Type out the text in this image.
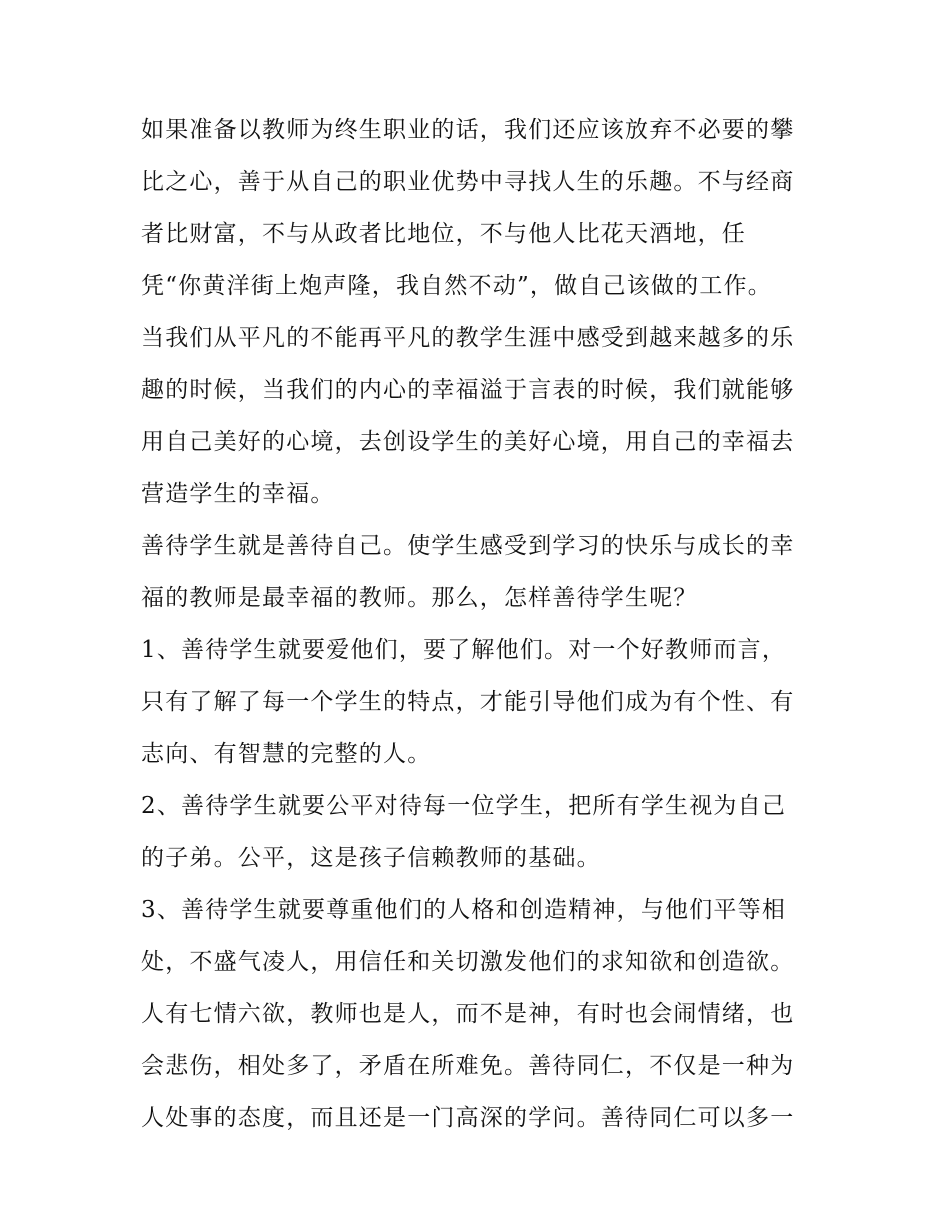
如果准备以教师为终生职业的话，我们还应该放弃不必要的攀
比之心，善于从自己的职业优势中寻找人生的乐趣。不与经商
者比财富，不与从政者比地位，不与他人比花天酒地，任
凭“你黄洋街上炮声隆，我自然不动”，做自己该做的工作。
当我们从平凡的不能再平凡的教学生涯中感受到越来越多的乐
趣的时候，当我们的内心的幸福溢于言表的时候，我们就能够
用自己美好的心境，去创设学生的美好心境，用自己的幸福去
营造学生的幸福。
善待学生就是善待自己。使学生感受到学习的快乐与成长的幸
福的教师是最幸福的教师。那么，怎样善待学生呢？
1、善待学生就要爱他们，要了解他们。对一个好教师而言，
只有了解了每一个学生的特点，才能引导他们成为有个性、有
志向、有智慧的完整的人。
2、善待学生就要公平对待每一位学生，把所有学生视为自己
的子弟。公平，这是孩子信赖教师的基础。
3、善待学生就要尊重他们的人格和创造精神，与他们平等相
处，不盛气凌人，用信任和关切激发他们的求知欲和创造欲。
人有七情六欲，教师也是人，而不是神，有时也会闹情绪，也
会悲伤，相处多了，矛盾在所难免。善待同仁，不仅是一种为
人处事的态度，而且还是一门高深的学问。善待同仁可以多一
